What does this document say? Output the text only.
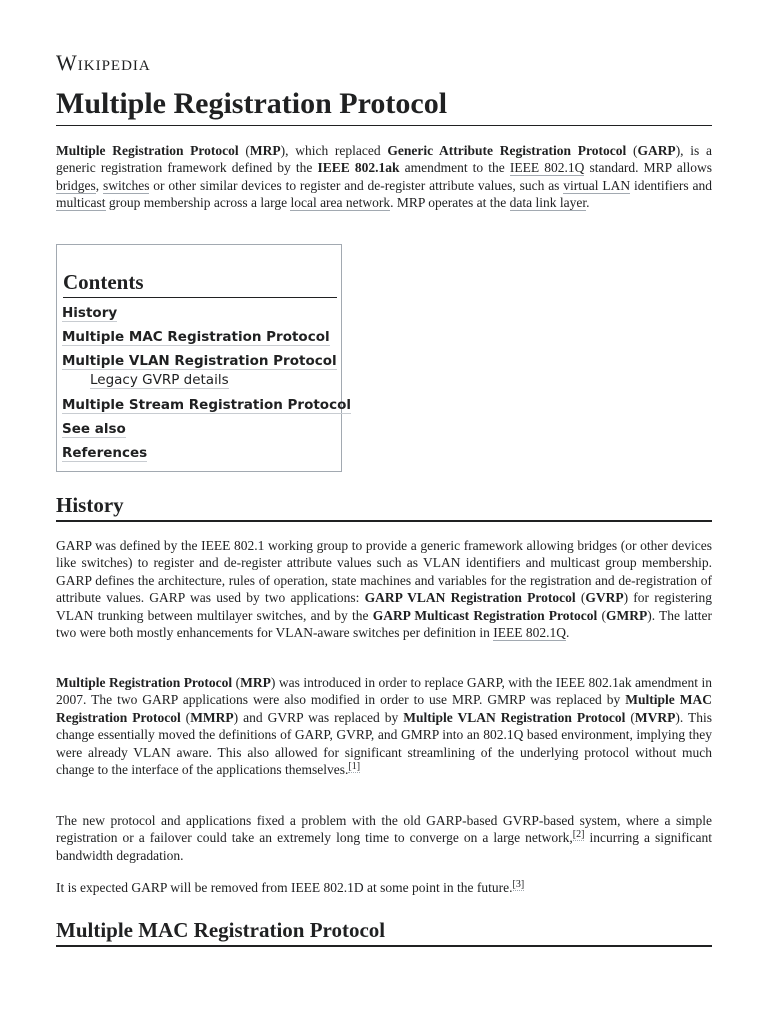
Wikipedia
Multiple Registration Protocol

Multiple Registration Protocol (MRP), which replaced Generic Attribute Registration Protocol (GARP), is a generic registration framework defined by the IEEE 802.1ak amendment to the IEEE 802.1Q standard. MRP allows bridges, switches or other similar devices to register and de-register attribute values, such as virtual LAN identifiers and multicast group membership across a large local area network. MRP operates at the data link layer.

Contents
History
Multiple MAC Registration Protocol
Multiple VLAN Registration Protocol
Legacy GVRP details
Multiple Stream Registration Protocol
See also
References
History

GARP was defined by the IEEE 802.1 working group to provide a generic framework allowing bridges (or other devices like switches) to register and de-register attribute values such as VLAN identifiers and multicast group membership. GARP defines the architecture, rules of operation, state machines and variables for the registration and de-registration of attribute values. GARP was used by two applications: GARP VLAN Registration Protocol (GVRP) for registering VLAN trunking between multilayer switches, and by the GARP Multicast Registration Protocol (GMRP). The latter two were both mostly enhancements for VLAN-aware switches per definition in IEEE 802.1Q.

Multiple Registration Protocol (MRP) was introduced in order to replace GARP, with the IEEE 802.1ak amendment in 2007. The two GARP applications were also modified in order to use MRP. GMRP was replaced by Multiple MAC Registration Protocol (MMRP) and GVRP was replaced by Multiple VLAN Registration Protocol (MVRP). This change essentially moved the definitions of GARP, GVRP, and GMRP into an 802.1Q based environment, implying they were already VLAN aware. This also allowed for significant streamlining of the underlying protocol without much change to the interface of the applications themselves.[1]

The new protocol and applications fixed a problem with the old GARP-based GVRP-based system, where a simple registration or a failover could take an extremely long time to converge on a large network,[2] incurring a significant bandwidth degradation.

It is expected GARP will be removed from IEEE 802.1D at some point in the future.[3]

Multiple MAC Registration Protocol
